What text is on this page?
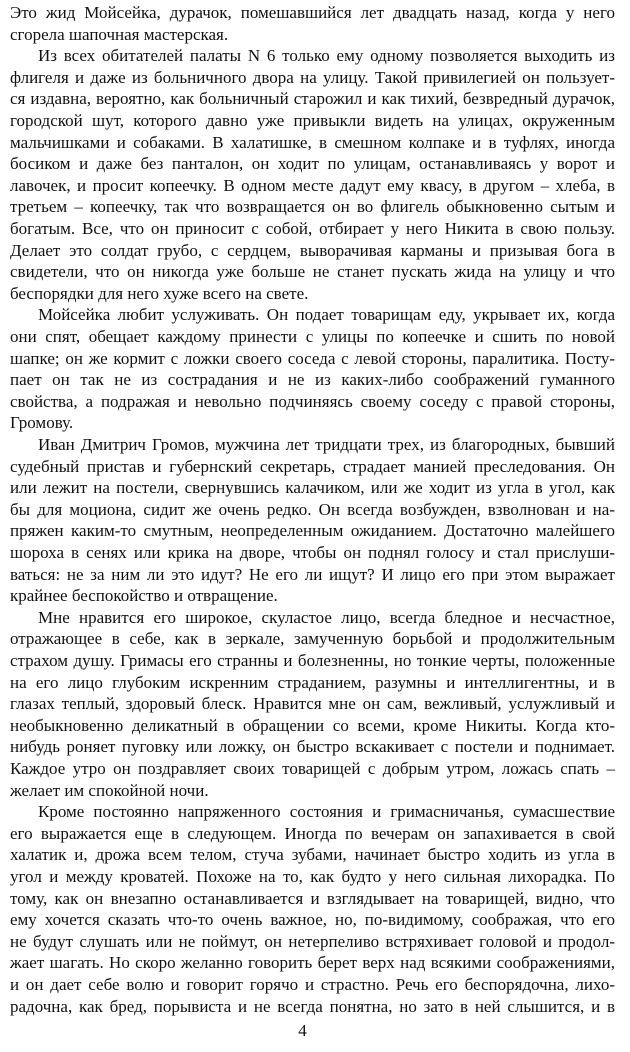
Это жид Мойсейка, дурачок, помешавшийся лет двадцать назад, когда у него
сгорела шапочная мастерская.
Из всех обитателей палаты N 6 только ему одному позволяется выходить из
флигеля и даже из больничного двора на улицу. Такой привилегией он пользует-
ся издавна, вероятно, как больничный старожил и как тихий, безвредный дурачок,
городской шут, которого давно уже привыкли видеть на улицах, окруженным
мальчишками и собаками. В халатишке, в смешном колпаке и в туфлях, иногда
босиком и даже без панталон, он ходит по улицам, останавливаясь у ворот и
лавочек, и просит копеечку. В одном месте дадут ему квасу, в другом – хлеба, в
третьем – копеечку, так что возвращается он во флигель обыкновенно сытым и
богатым. Все, что он приносит с собой, отбирает у него Никита в свою пользу.
Делает это солдат грубо, с сердцем, выворачивая карманы и призывая бога в
свидетели, что он никогда уже больше не станет пускать жида на улицу и что
беспорядки для него хуже всего на свете.
Мойсейка любит услуживать. Он подает товарищам еду, укрывает их, когда
они спят, обещает каждому принести с улицы по копеечке и сшить по новой
шапке; он же кормит с ложки своего соседа с левой стороны, паралитика. Посту-
пает он так не из сострадания и не из каких-либо соображений гуманного
свойства, а подражая и невольно подчиняясь своему соседу с правой стороны,
Громову.
Иван Дмитрич Громов, мужчина лет тридцати трех, из благородных, бывший
судебный пристав и губернский секретарь, страдает манией преследования. Он
или лежит на постели, свернувшись калачиком, или же ходит из угла в угол, как
бы для моциона, сидит же очень редко. Он всегда возбужден, взволнован и на-
пряжен каким-то смутным, неопределенным ожиданием. Достаточно малейшего
шороха в сенях или крика на дворе, чтобы он поднял голосу и стал прислуши-
ваться: не за ним ли это идут? Не его ли ищут? И лицо его при этом выражает
крайнее беспокойство и отвращение.
Мне нравится его широкое, скуластое лицо, всегда бледное и несчастное,
отражающее в себе, как в зеркале, замученную борьбой и продолжительным
страхом душу. Гримасы его странны и болезненны, но тонкие черты, положенные
на его лицо глубоким искренним страданием, разумны и интеллигентны, и в
глазах теплый, здоровый блеск. Нравится мне он сам, вежливый, услужливый и
необыкновенно деликатный в обращении со всеми, кроме Никиты. Когда кто-
нибудь роняет пуговку или ложку, он быстро вскакивает с постели и поднимает.
Каждое утро он поздравляет своих товарищей с добрым утром, ложась спать –
желает им спокойной ночи.
Кроме постоянно напряженного состояния и гримасничанья, сумасшествие
его выражается еще в следующем. Иногда по вечерам он запахивается в свой
халатик и, дрожа всем телом, стуча зубами, начинает быстро ходить из угла в
угол и между кроватей. Похоже на то, как будто у него сильная лихорадка. По
тому, как он внезапно останавливается и взглядывает на товарищей, видно, что
ему хочется сказать что-то очень важное, но, по-видимому, соображая, что его
не будут слушать или не поймут, он нетерпеливо встряхивает головой и продол-
жает шагать. Но скоро желанно говорить берет верх над всякими соображениями,
и он дает себе волю и говорит горячо и страстно. Речь его беспорядочна, лихо-
радочна, как бред, порывиста и не всегда понятна, но зато в ней слышится, и в
4
